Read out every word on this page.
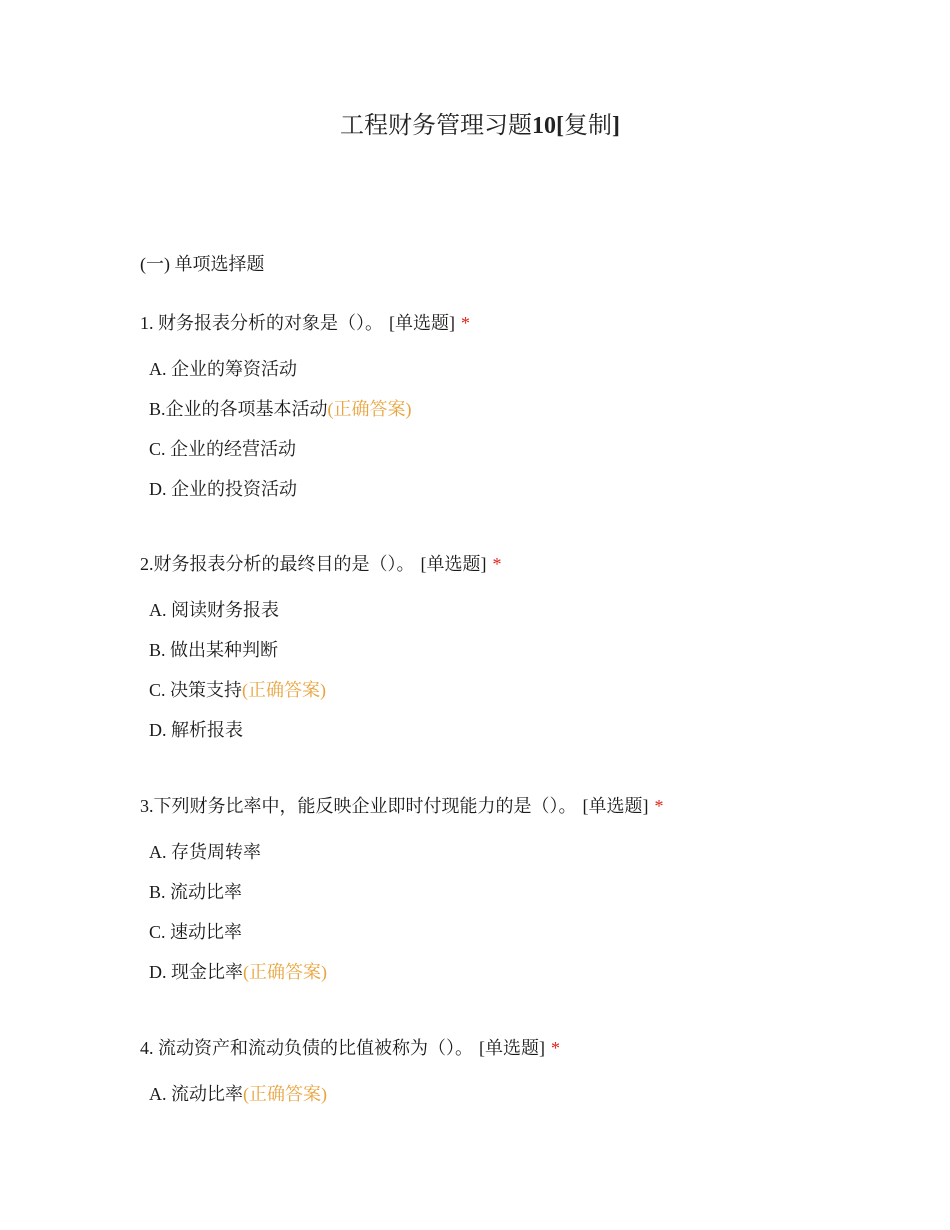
工程财务管理习题10[复制]
(一) 单项选择题
1. 财务报表分析的对象是（）。 [单选题] *
A. 企业的筹资活动
B.企业的各项基本活动(正确答案)
C. 企业的经营活动
D. 企业的投资活动
2.财务报表分析的最终目的是（）。 [单选题] *
A. 阅读财务报表
B. 做出某种判断
C. 决策支持(正确答案)
D. 解析报表
3.下列财务比率中，能反映企业即时付现能力的是（）。 [单选题] *
A. 存货周转率
B. 流动比率
C. 速动比率
D. 现金比率(正确答案)
4. 流动资产和流动负债的比值被称为（）。 [单选题] *
A. 流动比率(正确答案)
